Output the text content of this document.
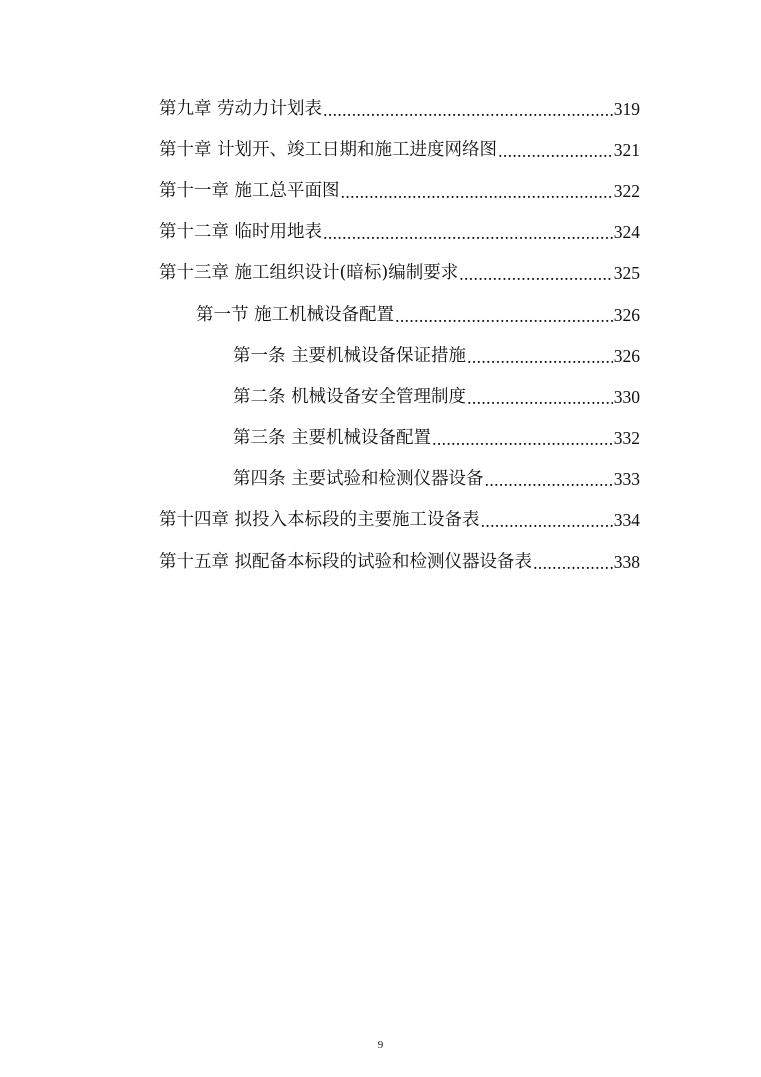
第九章 劳动力计划表 .....	319
第十章 计划开、竣工日期和施工进度网络图 .....	321
第十一章 施工总平面图 .....	322
第十二章 临时用地表 .....	324
第十三章 施工组织设计(暗标)编制要求 .....	325
第一节 施工机械设备配置 .....	326
第一条 主要机械设备保证措施 .....	326
第二条 机械设备安全管理制度 .....	330
第三条 主要机械设备配置 .....	332
第四条 主要试验和检测仪器设备 .....	333
第十四章 拟投入本标段的主要施工设备表 .....	334
第十五章 拟配备本标段的试验和检测仪器设备表 .....	338
9
